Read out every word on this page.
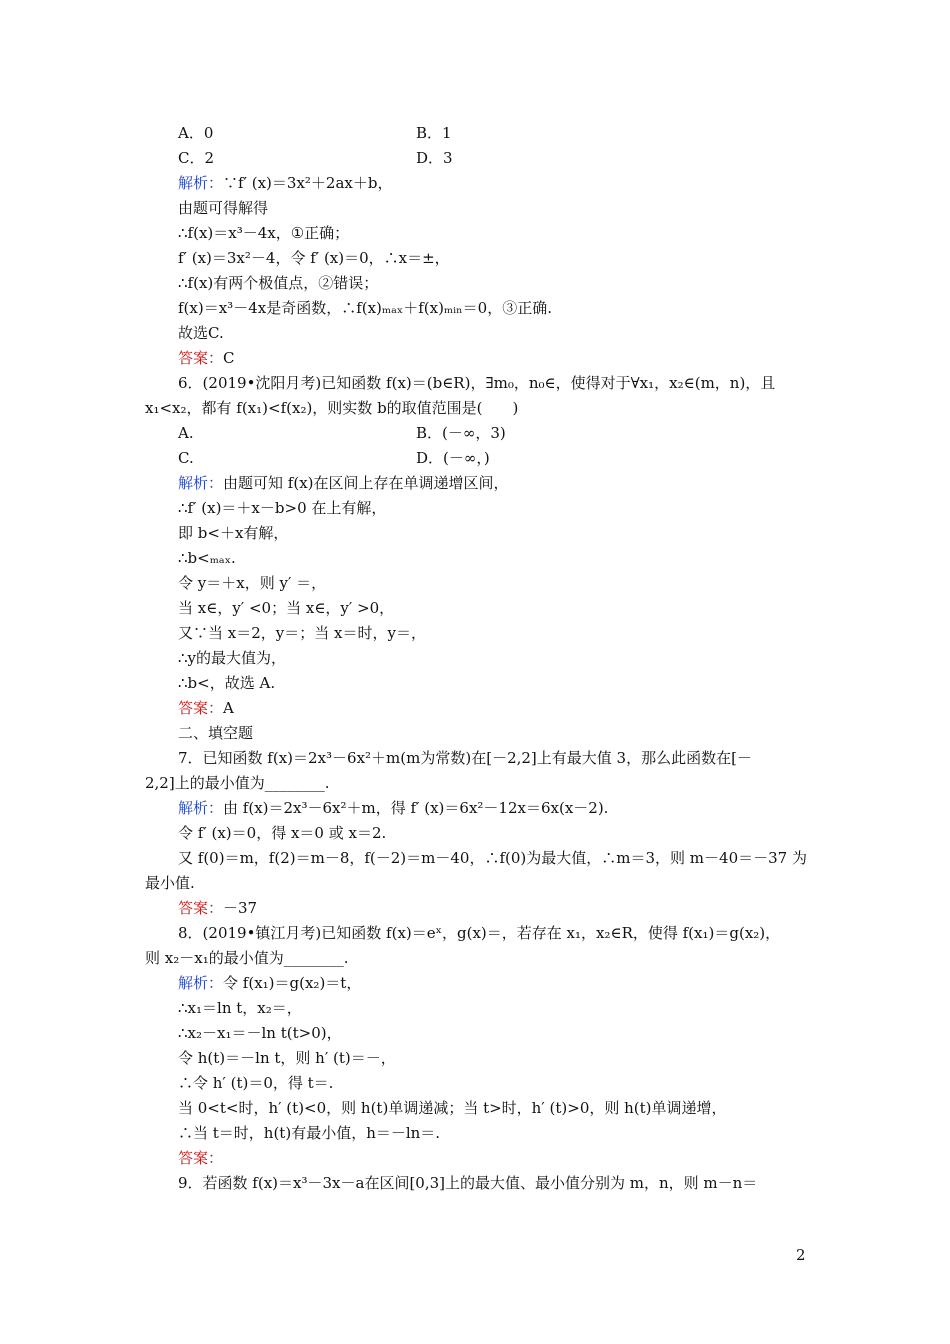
A．0	B．1
C．2	D．3
解析：∵f′ (x)＝3x²＋2ax＋b，
由题可得解得
∴f(x)＝x³－4x，①正确；
f′ (x)＝3x²－4，令 f′ (x)＝0，∴x＝±，
∴f(x)有两个极值点，②错误；
f(x)＝x³－4x是奇函数，∴f(x)ₘₐₓ＋f(x)ₘᵢₙ＝0，③正确.
故选C.
答案：C
6．(2019•沈阳月考)已知函数 f(x)＝(b∈R)，∃m₀，n₀∈，使得对于∀x₁，x₂∈(m，n)，且
x₁<x₂，都有 f(x₁)<f(x₂)，则实数 b的取值范围是(　　)
A.	B．(－∞，3)
C.	D．(－∞，)
解析：由题可知 f(x)在区间上存在单调递增区间，
∴f′ (x)＝＋x－b>0 在上有解，
即 b<＋x有解，
∴b<ₘₐₓ.
令 y＝＋x，则 y′ ＝，
当 x∈，y′ <0；当 x∈，y′ >0，
又∵当 x＝2，y＝；当 x＝时，y＝，
∴y的最大值为，
∴b<，故选 A.
答案：A
二、填空题
7．已知函数 f(x)＝2x³－6x²＋m(m为常数)在[－2,2]上有最大值 3，那么此函数在[－
2,2]上的最小值为________.
解析：由 f(x)＝2x³－6x²＋m，得 f′ (x)＝6x²－12x＝6x(x－2).
令 f′ (x)＝0，得 x＝0 或 x＝2.
又 f(0)＝m，f(2)＝m－8，f(－2)＝m－40，∴f(0)为最大值，∴m＝3，则 m－40＝－37 为
最小值.
答案：－37
8．(2019•镇江月考)已知函数 f(x)＝eˣ，g(x)＝，若存在 x₁，x₂∈R，使得 f(x₁)＝g(x₂)，
则 x₂－x₁的最小值为________.
解析：令 f(x₁)＝g(x₂)＝t，
∴x₁＝ln t，x₂＝，
∴x₂－x₁＝－ln t(t>0)，
令 h(t)＝－ln t，则 h′ (t)＝－，
∴令 h′ (t)＝0，得 t＝.
当 0<t<时，h′ (t)<0，则 h(t)单调递减；当 t>时，h′ (t)>0，则 h(t)单调递增，
∴当 t＝时，h(t)有最小值，h＝－ln＝.
答案：
9．若函数 f(x)＝x³－3x－a在区间[0,3]上的最大值、最小值分别为 m，n，则 m－n＝
2
